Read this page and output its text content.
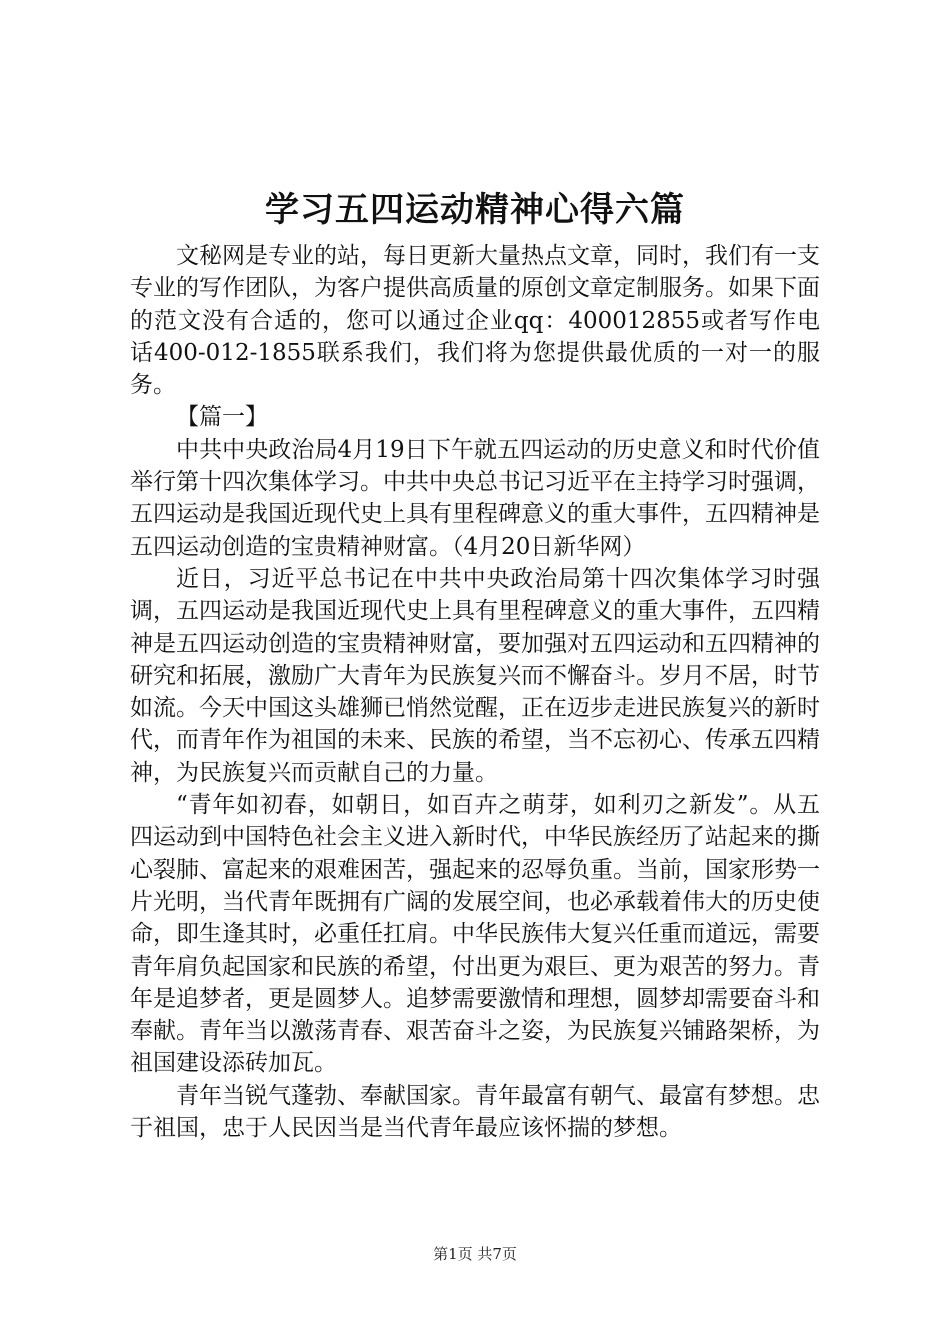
学习五四运动精神心得六篇

文秘网是专业的站，每日更新大量热点文章，同时，我们有一支专业的写作团队，为客户提供高质量的原创文章定制服务。如果下面的范文没有合适的，您可以通过企业qq：400012855或者写作电话400-012-1855联系我们，我们将为您提供最优质的一对一的服务。

【篇一】

中共中央政治局4月19日下午就五四运动的历史意义和时代价值举行第十四次集体学习。中共中央总书记习近平在主持学习时强调，五四运动是我国近现代史上具有里程碑意义的重大事件，五四精神是五四运动创造的宝贵精神财富。（4月20日新华网）

近日，习近平总书记在中共中央政治局第十四次集体学习时强调，五四运动是我国近现代史上具有里程碑意义的重大事件，五四精神是五四运动创造的宝贵精神财富，要加强对五四运动和五四精神的研究和拓展，激励广大青年为民族复兴而不懈奋斗。岁月不居，时节如流。今天中国这头雄狮已悄然觉醒，正在迈步走进民族复兴的新时代，而青年作为祖国的未来、民族的希望，当不忘初心、传承五四精神，为民族复兴而贡献自己的力量。

“青年如初春，如朝日，如百卉之萌芽，如利刃之新发”。从五四运动到中国特色社会主义进入新时代，中华民族经历了站起来的撕心裂肺、富起来的艰难困苦，强起来的忍辱负重。当前，国家形势一片光明，当代青年既拥有广阔的发展空间，也必承载着伟大的历史使命，即生逢其时，必重任扛肩。中华民族伟大复兴任重而道远，需要青年肩负起国家和民族的希望，付出更为艰巨、更为艰苦的努力。青年是追梦者，更是圆梦人。追梦需要激情和理想，圆梦却需要奋斗和奉献。青年当以激荡青春、艰苦奋斗之姿，为民族复兴铺路架桥，为祖国建设添砖加瓦。

青年当锐气蓬勃、奉献国家。青年最富有朝气、最富有梦想。忠于祖国，忠于人民因当是当代青年最应该怀揣的梦想。

第1页 共7页
